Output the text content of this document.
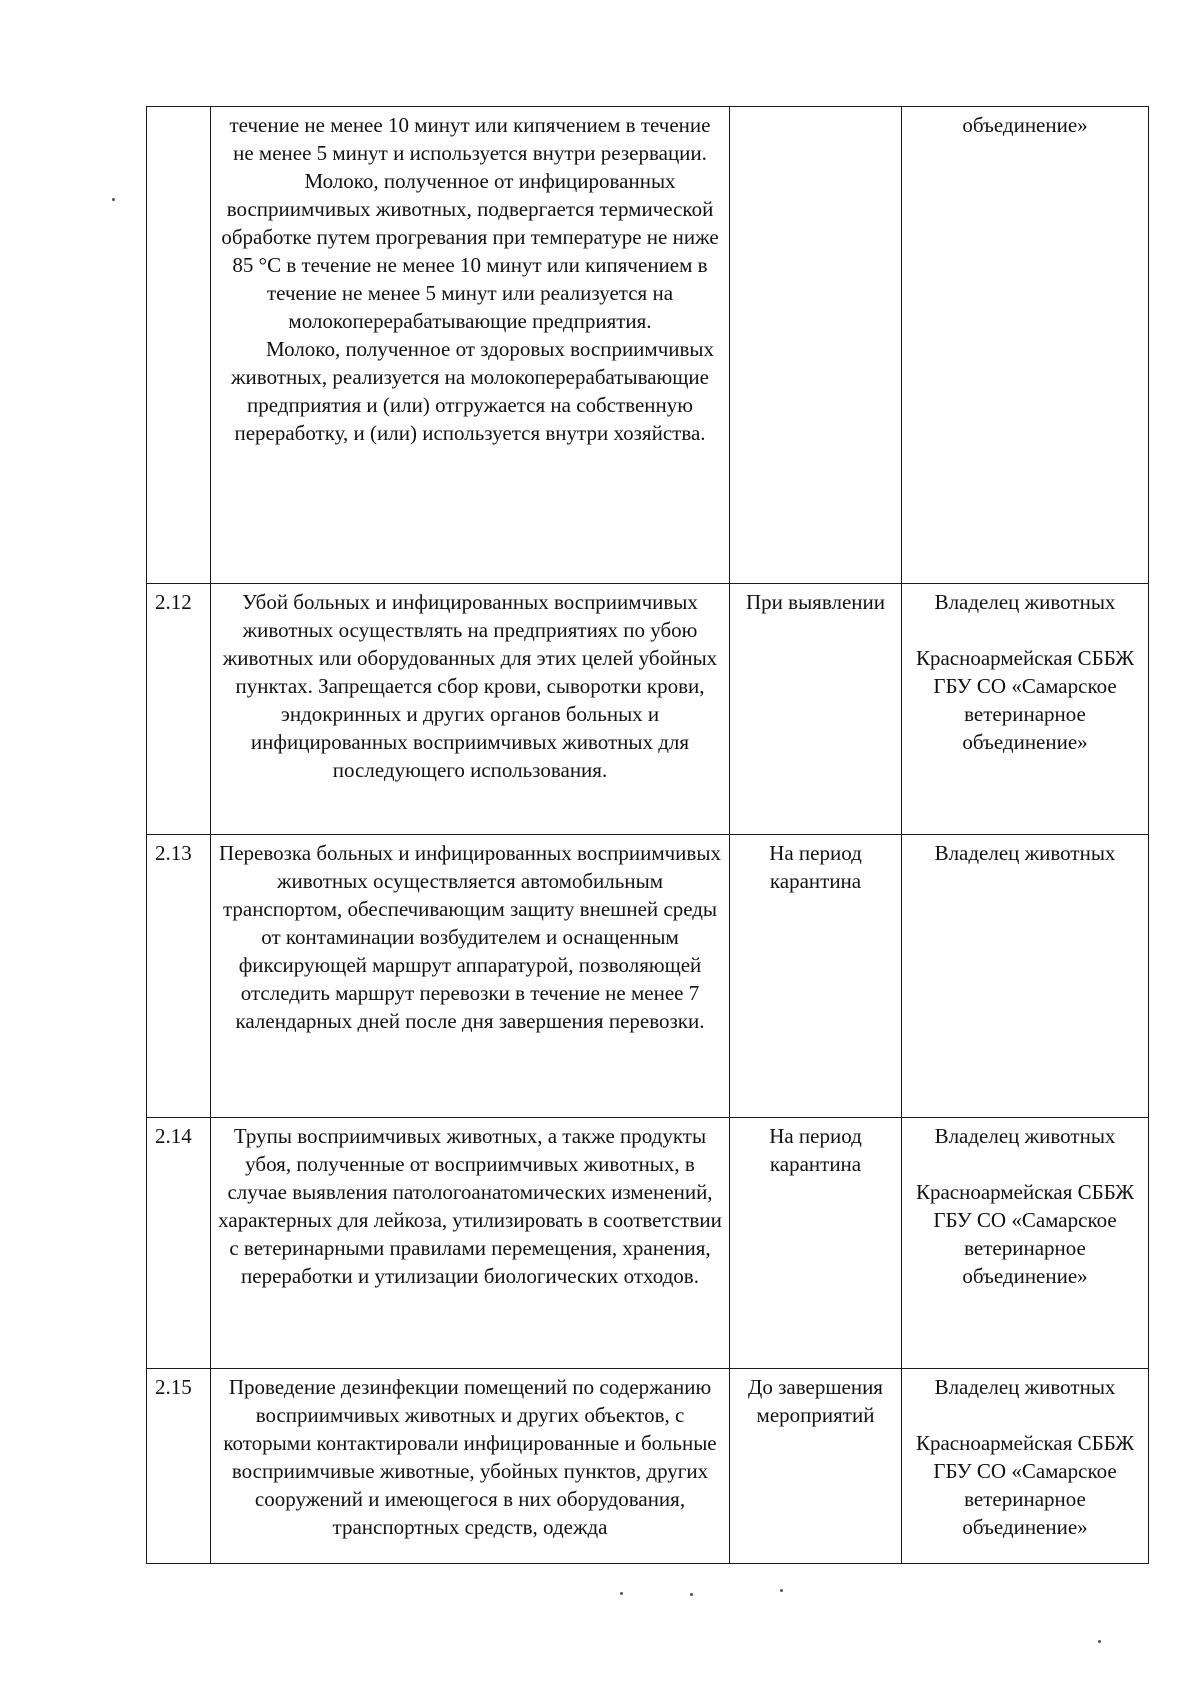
	течение не менее 10 минут или кипячением в течение не менее 5 минут и используется внутри резервации.
Молоко, полученное от инфицированных восприимчивых животных, подвергается термической обработке путем прогревания при температуре не ниже 85 °С в течение не менее 10 минут или кипячением в течение не менее 5 минут или реализуется на молокоперерабатывающие предприятия.
Молоко, полученное от здоровых восприимчивых животных, реализуется на молокоперерабатывающие предприятия и (или) отгружается на собственную переработку, и (или) используется внутри хозяйства.		объединение»

2.12	Убой больных и инфицированных восприимчивых животных осуществлять на предприятиях по убою животных или оборудованных для этих целей убойных пунктах. Запрещается сбор крови, сыворотки крови, эндокринных и других органов больных и инфицированных восприимчивых животных для последующего использования.	При выявлении	Владелец животных
Красноармейская СББЖ ГБУ СО «Самарское ветеринарное объединение»

2.13	Перевозка больных и инфицированных восприимчивых животных осуществляется автомобильным транспортом, обеспечивающим защиту внешней среды от контаминации возбудителем и оснащенным фиксирующей маршрут аппаратурой, позволяющей отследить маршрут перевозки в течение не менее 7 календарных дней после дня завершения перевозки.	На период карантина	Владелец животных

2.14	Трупы восприимчивых животных, а также продукты убоя, полученные от восприимчивых животных, в случае выявления патологоанатомических изменений, характерных для лейкоза, утилизировать в соответствии с ветеринарными правилами перемещения, хранения, переработки и утилизации биологических отходов.	На период карантина	Владелец животных
Красноармейская СББЖ ГБУ СО «Самарское ветеринарное объединение»

2.15	Проведение дезинфекции помещений по содержанию восприимчивых животных и других объектов, с которыми контактировали инфицированные и больные восприимчивые животные, убойных пунктов, других сооружений и имеющегося в них оборудования, транспортных средств, одежда	До завершения мероприятий	Владелец животных
Красноармейская СББЖ ГБУ СО «Самарское ветеринарное объединение»
